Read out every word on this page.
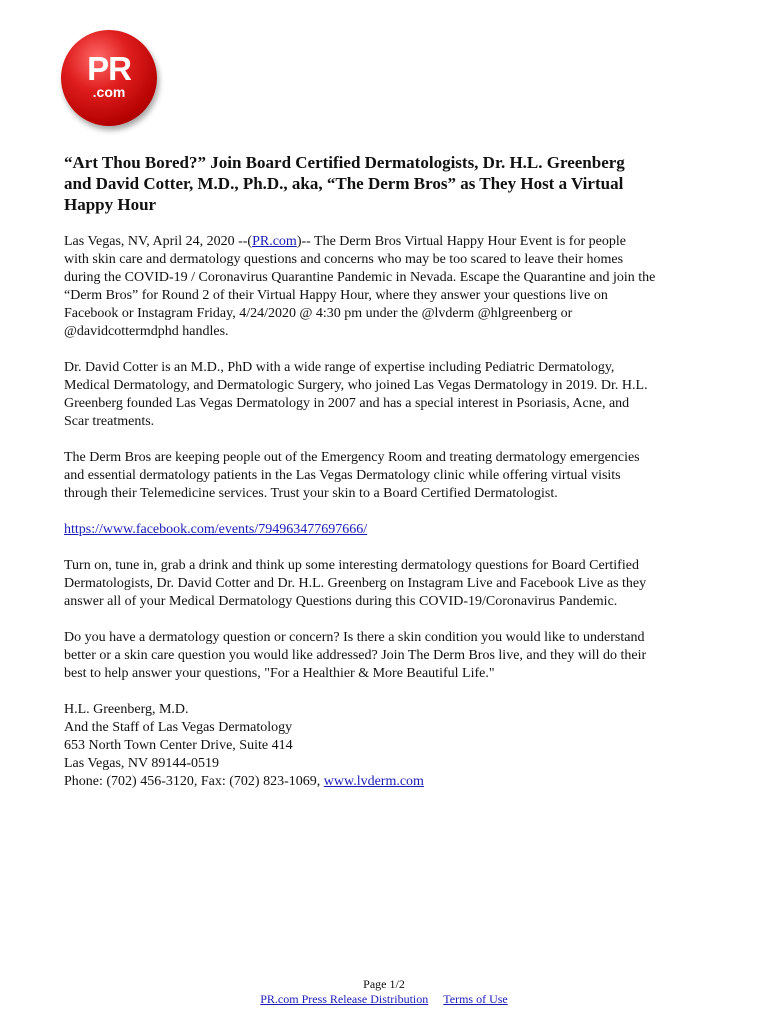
PR
.com
“Art Thou Bored?” Join Board Certified Dermatologists, Dr. H.L. Greenberg
and David Cotter, M.D., Ph.D., aka, “The Derm Bros” as They Host a Virtual
Happy Hour

Las Vegas, NV, April 24, 2020 --(PR.com)-- The Derm Bros Virtual Happy Hour Event is for people
with skin care and dermatology questions and concerns who may be too scared to leave their homes
during the COVID-19 / Coronavirus Quarantine Pandemic in Nevada. Escape the Quarantine and join the
“Derm Bros” for Round 2 of their Virtual Happy Hour, where they answer your questions live on
Facebook or Instagram Friday, 4/24/2020 @ 4:30 pm under the @lvderm @hlgreenberg or
@davidcottermdphd handles.

Dr. David Cotter is an M.D., PhD with a wide range of expertise including Pediatric Dermatology,
Medical Dermatology, and Dermatologic Surgery, who joined Las Vegas Dermatology in 2019. Dr. H.L.
Greenberg founded Las Vegas Dermatology in 2007 and has a special interest in Psoriasis, Acne, and
Scar treatments.

The Derm Bros are keeping people out of the Emergency Room and treating dermatology emergencies
and essential dermatology patients in the Las Vegas Dermatology clinic while offering virtual visits
through their Telemedicine services. Trust your skin to a Board Certified Dermatologist.

https://www.facebook.com/events/794963477697666/

Turn on, tune in, grab a drink and think up some interesting dermatology questions for Board Certified
Dermatologists, Dr. David Cotter and Dr. H.L. Greenberg on Instagram Live and Facebook Live as they
answer all of your Medical Dermatology Questions during this COVID-19/Coronavirus Pandemic.

Do you have a dermatology question or concern? Is there a skin condition you would like to understand
better or a skin care question you would like addressed? Join The Derm Bros live, and they will do their
best to help answer your questions, "For a Healthier & More Beautiful Life."

H.L. Greenberg, M.D.

And the Staff of Las Vegas Dermatology

653 North Town Center Drive, Suite 414

Las Vegas, NV 89144-0519

Phone: (702) 456-3120, Fax: (702) 823-1069, www.lvderm.com

Page 1/2
PR.com Press Release Distribution Terms of Use
